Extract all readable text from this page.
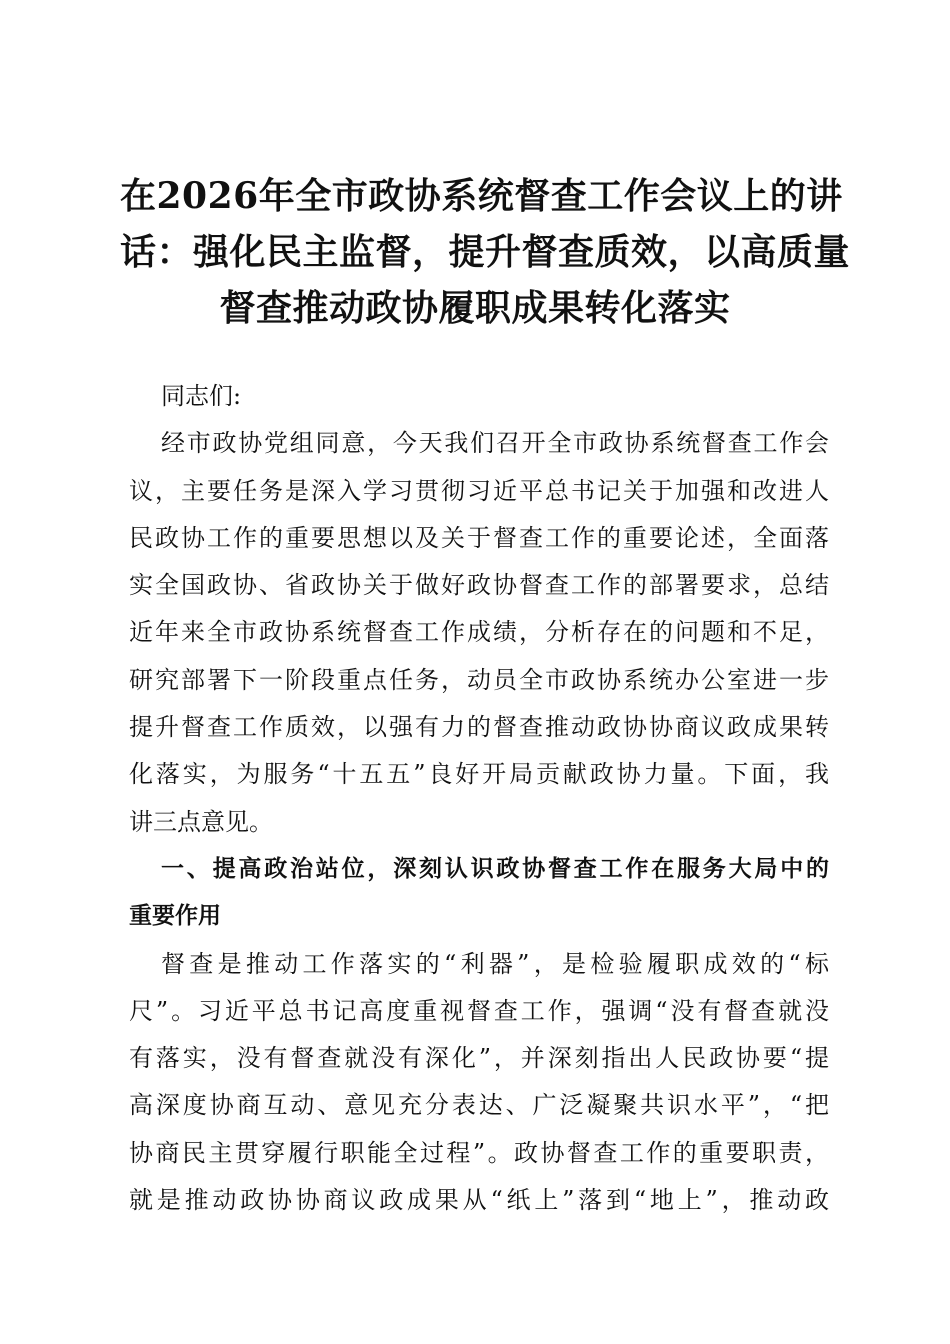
在2026年全市政协系统督查工作会议上的讲
话：强化民主监督，提升督查质效，以高质量
督查推动政协履职成果转化落实
同志们:
经市政协党组同意，今天我们召开全市政协系统督查工作会
议，主要任务是深入学习贯彻习近平总书记关于加强和改进人
民政协工作的重要思想以及关于督查工作的重要论述，全面落
实全国政协、省政协关于做好政协督查工作的部署要求，总结
近年来全市政协系统督查工作成绩，分析存在的问题和不足，
研究部署下一阶段重点任务，动员全市政协系统办公室进一步
提升督查工作质效，以强有力的督查推动政协协商议政成果转
化落实，为服务“十五五”良好开局贡献政协力量。下面，我
讲三点意见。
一、提高政治站位，深刻认识政协督查工作在服务大局中的
重要作用
督查是推动工作落实的“利器”，是检验履职成效的“标
尺”。习近平总书记高度重视督查工作，强调“没有督查就没
有落实，没有督查就没有深化”，并深刻指出人民政协要“提
高深度协商互动、意见充分表达、广泛凝聚共识水平”，“把
协商民主贯穿履行职能全过程”。政协督查工作的重要职责，
就是推动政协协商议政成果从“纸上”落到“地上”，推动政
